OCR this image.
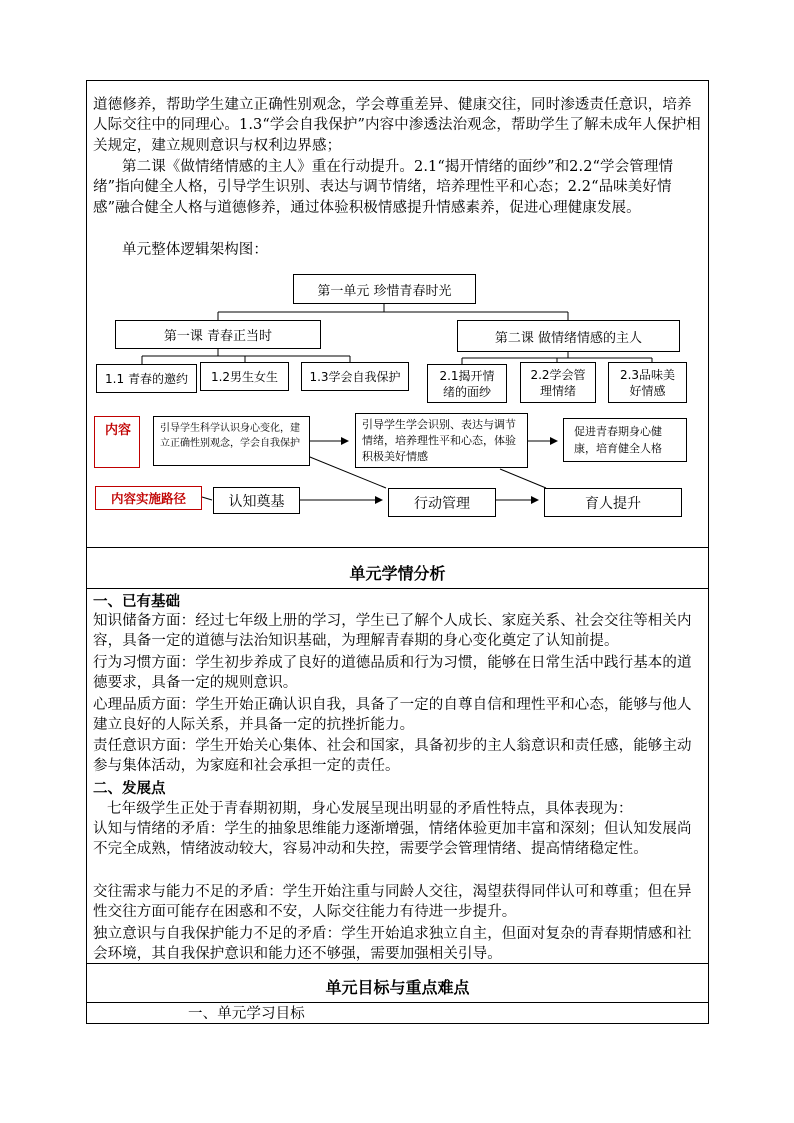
道德修养，帮助学生建立正确性别观念，学会尊重差异、健康交往，同时渗透责任意识，培养人际交往中的同理心。1.3“学会自我保护”内容中渗透法治观念，帮助学生了解未成年人保护相关规定，建立规则意识与权利边界感；

第二课《做情绪情感的主人》重在行动提升。2.1“揭开情绪的面纱”和2.2“学会管理情绪”指向健全人格，引导学生识别、表达与调节情绪，培养理性平和心态；2.2“品味美好情感”融合健全人格与道德修养，通过体验积极情感提升情感素养，促进心理健康发展。

单元整体逻辑架构图：

第一单元 珍惜青春时光
第一课 青春正当时	第二课 做情绪情感的主人
1.1 青春的邀约	1.2男生女生	1.3学会自我保护	2.1揭开情绪的面纱
2.2学会管理情绪
2.3品味美好情感
内容	引导学生科学认识身心变化，建立正确性别观念，学会自我保护
引导学生学会识别、表达与调节情绪，培养理性平和心态，体验积极美好情感
促进青春期身心健康，培育健全人格
内容实施路径	认知奠基	行动管理	育人提升
单元学情分析
一、已有基础

知识储备方面：经过七年级上册的学习，学生已了解个人成长、家庭关系、社会交往等相关内容，具备一定的道德与法治知识基础，为理解青春期的身心变化奠定了认知前提。

行为习惯方面：学生初步养成了良好的道德品质和行为习惯，能够在日常生活中践行基本的道德要求，具备一定的规则意识。

心理品质方面：学生开始正确认识自我，具备了一定的自尊自信和理性平和心态，能够与他人建立良好的人际关系，并具备一定的抗挫折能力。

责任意识方面：学生开始关心集体、社会和国家，具备初步的主人翁意识和责任感，能够主动参与集体活动，为家庭和社会承担一定的责任。

二、发展点

七年级学生正处于青春期初期，身心发展呈现出明显的矛盾性特点，具体表现为：

认知与情绪的矛盾：学生的抽象思维能力逐渐增强，情绪体验更加丰富和深刻；但认知发展尚不完全成熟，情绪波动较大，容易冲动和失控，需要学会管理情绪、提高情绪稳定性。

交往需求与能力不足的矛盾：学生开始注重与同龄人交往，渴望获得同伴认可和尊重；但在异性交往方面可能存在困惑和不安，人际交往能力有待进一步提升。

独立意识与自我保护能力不足的矛盾：学生开始追求独立自主，但面对复杂的青春期情感和社会环境，其自我保护意识和能力还不够强，需要加强相关引导。

单元目标与重点难点
一、单元学习目标
